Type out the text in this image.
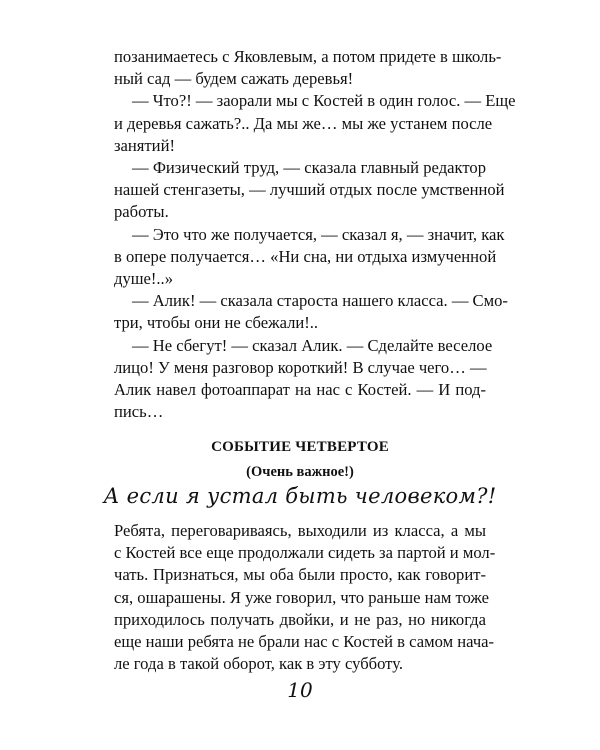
позанимаетесь с Яковлевым, а потом придете в школь-
ный сад — будем сажать деревья!
— Что?! — заорали мы с Костей в один голос. — Еще
и деревья сажать?.. Да мы же… мы же устанем после
занятий!
— Физический труд, — сказала главный редактор
нашей стенгазеты, — лучший отдых после умственной
работы.
— Это что же получается, — сказал я, — значит, как
в опере получается… «Ни сна, ни отдыха измученной
душе!..»
— Алик! — сказала староста нашего класса. — Смо-
три, чтобы они не сбежали!..
— Не сбегут! — сказал Алик. — Сделайте веселое
лицо! У меня разговор короткий! В случае чего… —
Алик навел фотоаппарат на нас с Костей. — И под-
пись…
СОБЫТИЕ ЧЕТВЕРТОЕ
(Очень важное!)
А если я устал быть человеком?!
Ребята, переговариваясь, выходили из класса, а мы
с Костей все еще продолжали сидеть за партой и мол-
чать. Признаться, мы оба были просто, как говорит-
ся, ошарашены. Я уже говорил, что раньше нам тоже
приходилось получать двойки, и не раз, но никогда
еще наши ребята не брали нас с Костей в самом нача-
ле года в такой оборот, как в эту субботу.
10
